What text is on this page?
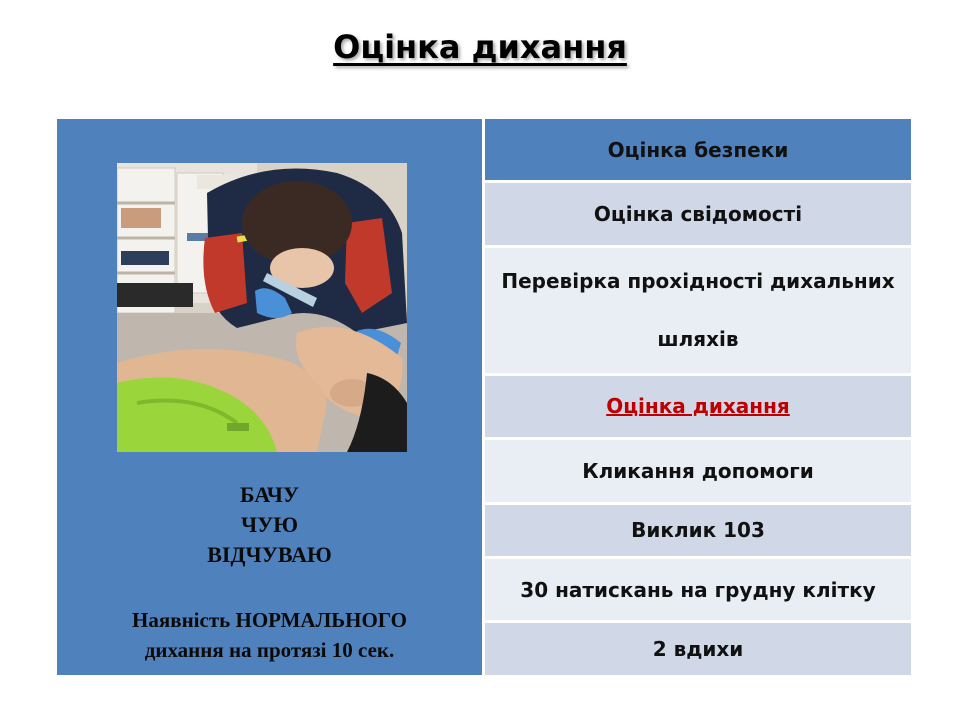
Оцінка дихання
БАЧУ
ЧУЮ
ВІДЧУВАЮ
Наявність НОРМАЛЬНОГО
дихання на протязі 10 сек.
Оцінка безпеки
Оцінка свідомості
Перевірка прохідності дихальних шляхів
Оцінка дихання
Кликання допомоги
Виклик 103
30 натискань на грудну клітку
2 вдихи
